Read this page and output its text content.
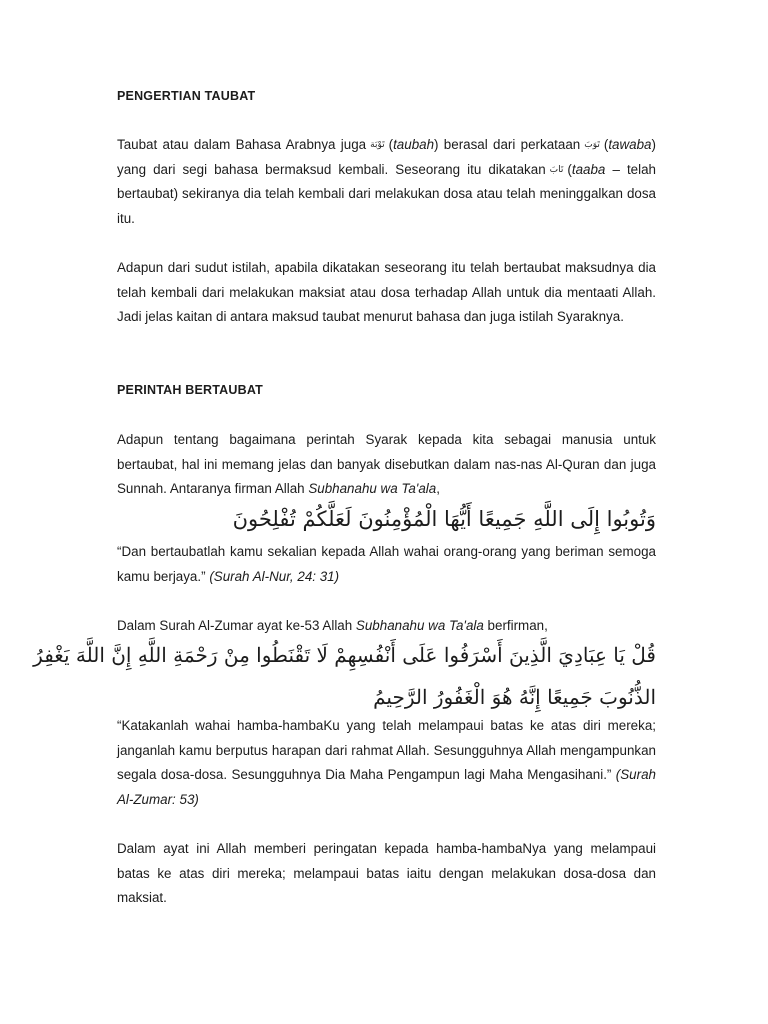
PENGERTIAN TAUBAT
Taubat atau dalam Bahasa Arabnya juga تَوْبَة (taubah) berasal dari perkataan تَوَبَ (tawaba) yang dari segi bahasa bermaksud kembali. Seseorang itu dikatakan تَابَ (taaba – telah bertaubat) sekiranya dia telah kembali dari melakukan dosa atau telah meninggalkan dosa itu.
Adapun dari sudut istilah, apabila dikatakan seseorang itu telah bertaubat maksudnya dia telah kembali dari melakukan maksiat atau dosa terhadap Allah untuk dia mentaati Allah. Jadi jelas kaitan di antara maksud taubat menurut bahasa dan juga istilah Syaraknya.
PERINTAH BERTAUBAT
Adapun tentang bagaimana perintah Syarak kepada kita sebagai manusia untuk bertaubat, hal ini memang jelas dan banyak disebutkan dalam nas-nas Al-Quran dan juga Sunnah. Antaranya firman Allah Subhanahu wa Ta'ala,
وَتُوبُوا إِلَى اللَّهِ جَمِيعًا أَيُّهَا الْمُؤْمِنُونَ لَعَلَّكُمْ تُفْلِحُونَ
“Dan bertaubatlah kamu sekalian kepada Allah wahai orang-orang yang beriman semoga kamu berjaya.” (Surah Al-Nur, 24: 31)
Dalam Surah Al-Zumar ayat ke-53 Allah Subhanahu wa Ta'ala berfirman,
قُلْ يَا عِبَادِيَ الَّذِينَ أَسْرَفُوا عَلَى أَنْفُسِهِمْ لَا تَقْنَطُوا مِنْ رَحْمَةِ اللَّهِ إِنَّ اللَّهَ يَغْفِرُ
الذُّنُوبَ جَمِيعًا إِنَّهُ هُوَ الْغَفُورُ الرَّحِيمُ
“Katakanlah wahai hamba-hambaKu yang telah melampaui batas ke atas diri mereka; janganlah kamu berputus harapan dari rahmat Allah. Sesungguhnya Allah mengampunkan segala dosa-dosa. Sesungguhnya Dia Maha Pengampun lagi Maha Mengasihani.” (Surah Al-Zumar: 53)
Dalam ayat ini Allah memberi peringatan kepada hamba-hambaNya yang melampaui batas ke atas diri mereka; melampaui batas iaitu dengan melakukan dosa-dosa dan maksiat.
